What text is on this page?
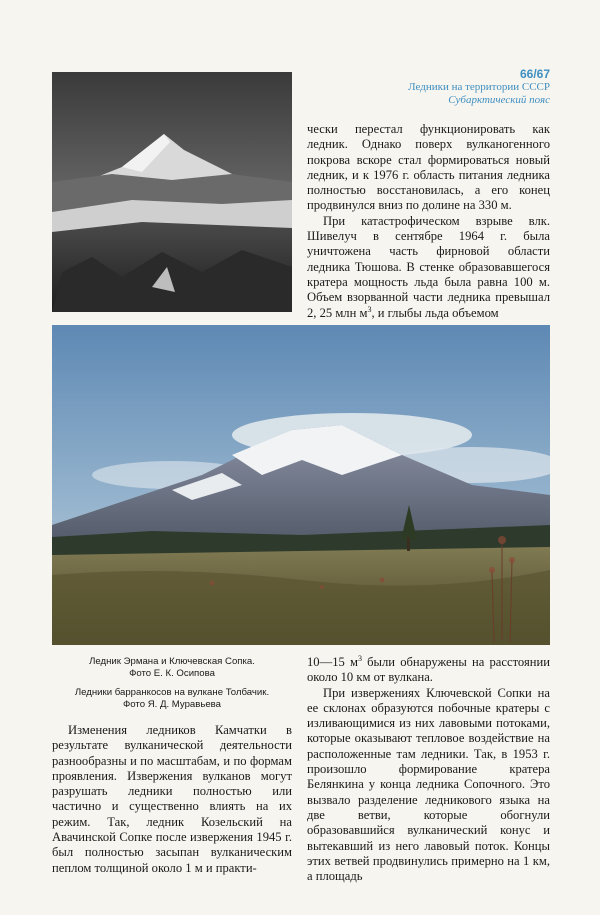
66/67
Ледники на территории СССР
Субарктический пояс

чески перестал функционировать как ледник. Однако поверх вулканогенного покрова вскоре стал формироваться новый ледник, и к 1976 г. область питания ледника полностью восстановилась, а его конец продвинулся вниз по долине на 330 м.

При катастрофическом взрыве влк. Шивелуч в сентябре 1964 г. была уничтожена часть фирновой области ледника Тюшова. В стенке образовавшегося кратера мощность льда была равна 100 м. Объем взорванной части ледника превышал 2, 25 млн $м^3$, и глыбы льда объемом

Ледник Эрмана и Ключевская Сопка.
Фото Е. К. Осипова
Ледники барранкосов на вулкане Толбачик.
Фото Я. Д. Муравьева

10—15 $м^3$ были обнаружены на расстоянии около 10 км от вулкана.

При извержениях Ключевской Сопки на ее склонах образуются побочные кратеры с изливающимися из них лавовыми потоками, которые оказывают тепловое воздействие на расположенные там ледники. Так, в 1953 г. произошло формирование кратера Белянкина у конца ледника Сопочного. Это вызвало разделение ледникового языка на две ветви, которые обогнули образовавшийся вулканический конус и вытекавший из него лавовый поток. Концы этих ветвей продвинулись примерно на 1 км, а площадь

Изменения ледников Камчатки в результате вулканической деятельности разнообразны и по масштабам, и по формам проявления. Извержения вулканов могут разрушать ледники полностью или частично и существенно влиять на их режим. Так, ледник Козельский на Авачинской Сопке после извержения 1945 г. был полностью засыпан вулканическим пеплом толщиной около 1 м и практи-
